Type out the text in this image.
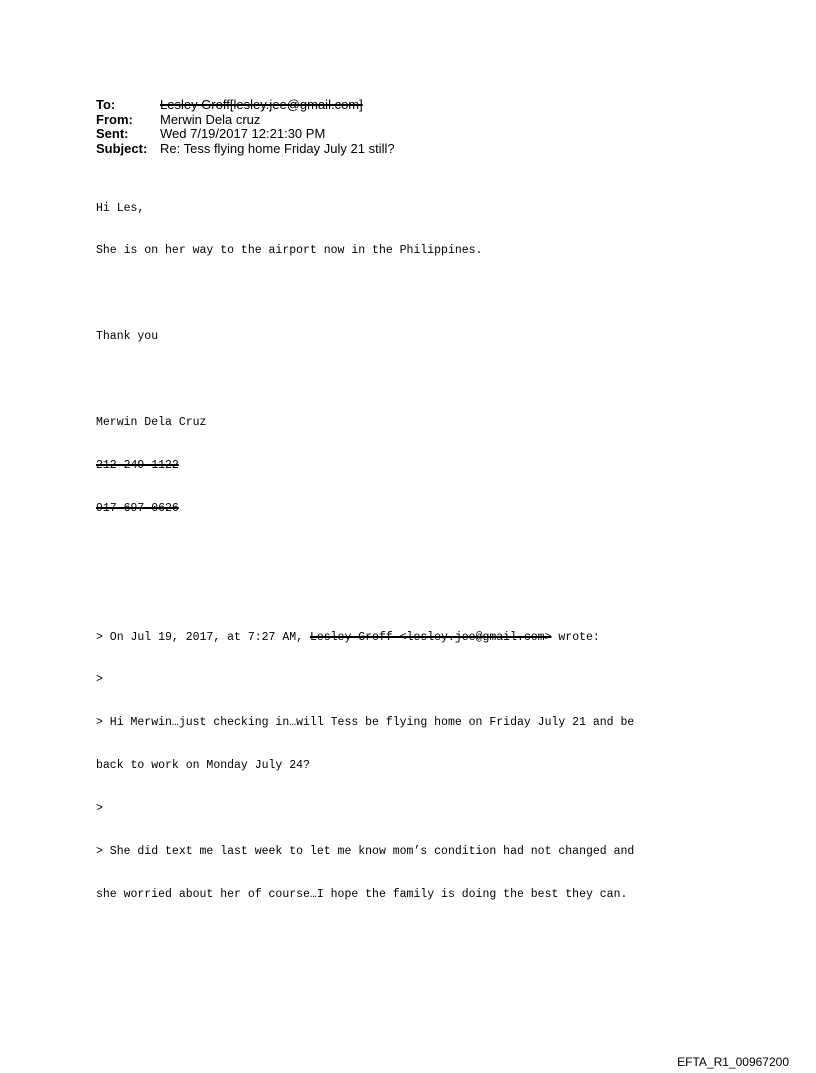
To:	Lesley Groff[lesley.jee@gmail.com]
From:	Merwin Dela cruz
Sent:	Wed 7/19/2017 12:21:30 PM
Subject: Re: Tess flying home Friday July 21 still?

Hi Les,

She is on her way to the airport now in the Philippines.

Thank you

Merwin Dela Cruz

212-249-1122

917-697-0626

> On Jul 19, 2017, at 7:27 AM, Lesley Groff <lesley.jee@gmail.com> wrote:

>

> Hi Merwin…just checking in…will Tess be flying home on Friday July 21 and be

back to work on Monday July 24?

>

> She did text me last week to let me know mom’s condition had not changed and

she worried about her of course…I hope the family is doing the best they can.

EFTA_R1_00967200
